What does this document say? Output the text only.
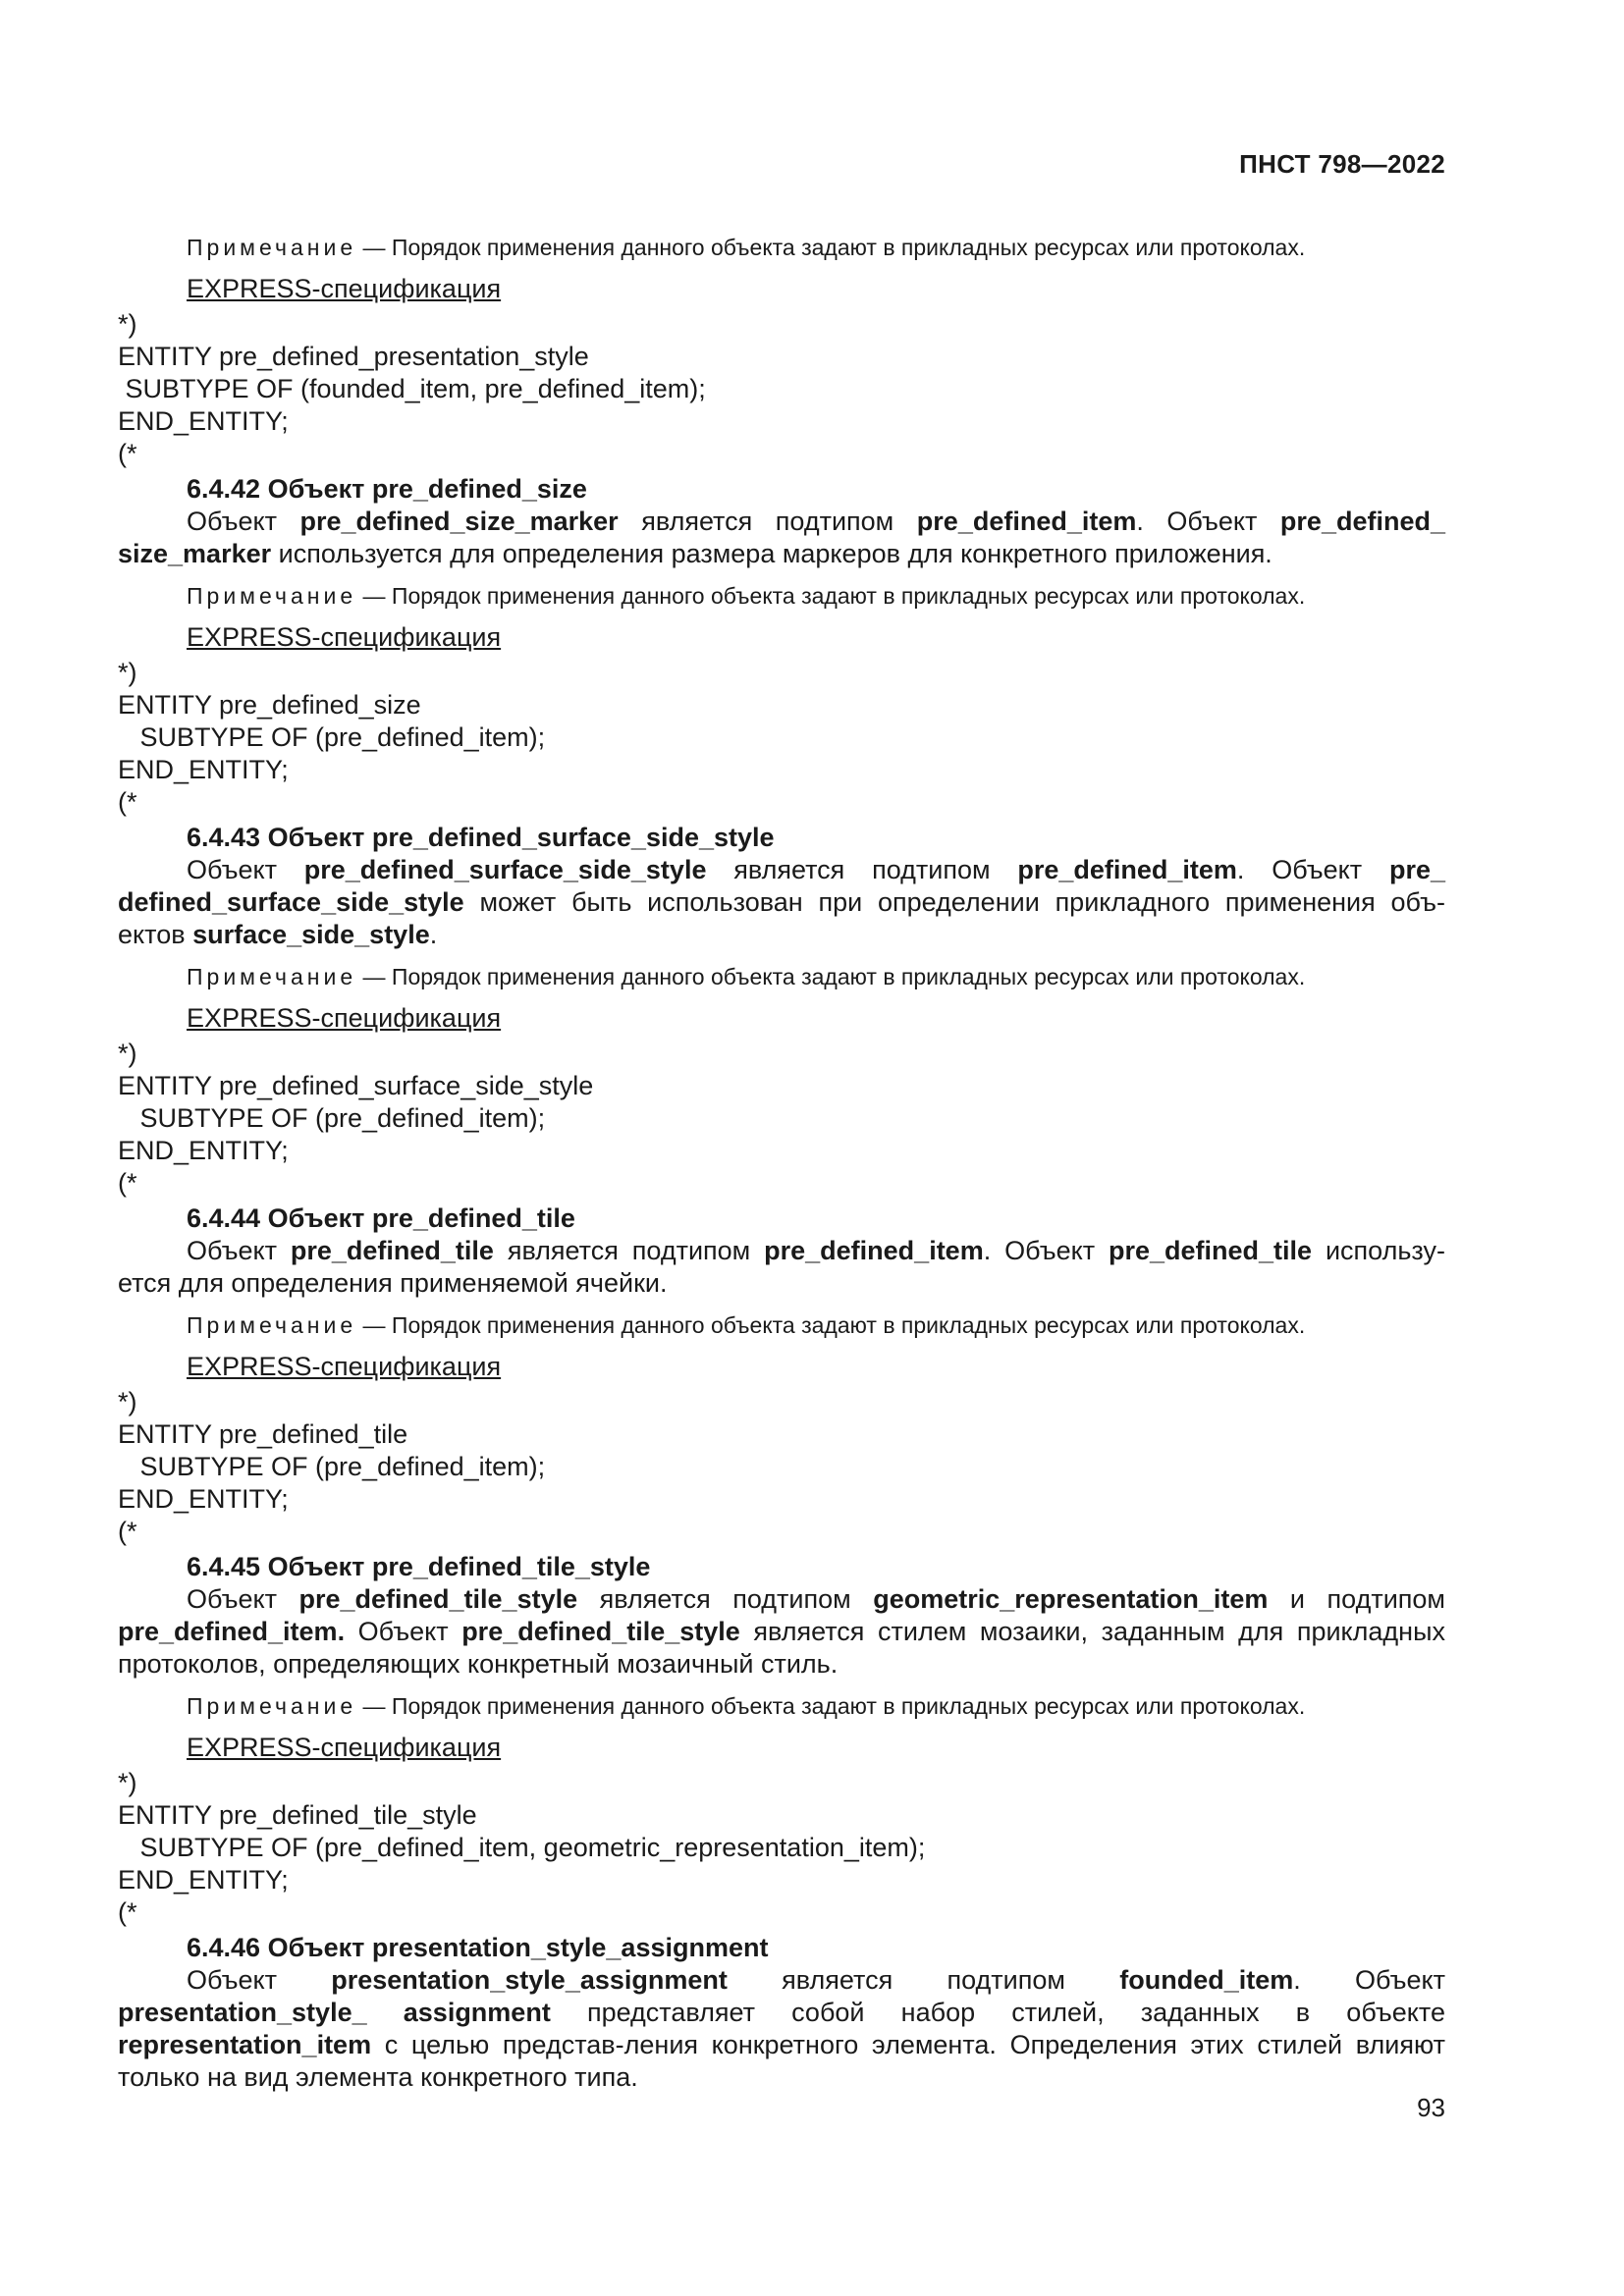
ПНСТ 798—2022
Примечание — Порядок применения данного объекта задают в прикладных ресурсах или протоколах.
EXPRESS-спецификация
*)
ENTITY pre_defined_presentation_style
SUBTYPE OF (founded_item, pre_defined_item);
END_ENTITY;
(*
6.4.42 Объект pre_defined_size
Объект pre_defined_size_marker является подтипом pre_defined_item. Объект pre_defined_ size_marker используется для определения размера маркеров для конкретного приложения.
Примечание — Порядок применения данного объекта задают в прикладных ресурсах или протоколах.
EXPRESS-спецификация
*)
ENTITY pre_defined_size
SUBTYPE OF (pre_defined_item);
END_ENTITY;
(*
6.4.43 Объект pre_defined_surface_side_style
Объект pre_defined_surface_side_style является подтипом pre_defined_item. Объект pre_ defined_surface_side_style может быть использован при определении прикладного применения объ-ектов surface_side_style.
Примечание — Порядок применения данного объекта задают в прикладных ресурсах или протоколах.
EXPRESS-спецификация
*)
ENTITY pre_defined_surface_side_style
SUBTYPE OF (pre_defined_item);
END_ENTITY;
(*
6.4.44 Объект pre_defined_tile
Объект pre_defined_tile является подтипом pre_defined_item. Объект pre_defined_tile использу-ется для определения применяемой ячейки.
Примечание — Порядок применения данного объекта задают в прикладных ресурсах или протоколах.
EXPRESS-спецификация
*)
ENTITY pre_defined_tile
SUBTYPE OF (pre_defined_item);
END_ENTITY;
(*
6.4.45 Объект pre_defined_tile_style
Объект pre_defined_tile_style является подтипом geometric_representation_item и подтипом pre_defined_item. Объект pre_defined_tile_style является стилем мозаики, заданным для прикладных протоколов, определяющих конкретный мозаичный стиль.
Примечание — Порядок применения данного объекта задают в прикладных ресурсах или протоколах.
EXPRESS-спецификация
*)
ENTITY pre_defined_tile_style
SUBTYPE OF (pre_defined_item, geometric_representation_item);
END_ENTITY;
(*
6.4.46 Объект presentation_style_assignment
Объект presentation_style_assignment является подтипом founded_item. Объект presentation_style_ assignment представляет собой набор стилей, заданных в объекте representation_item с целью представ-ления конкретного элемента. Определения этих стилей влияют только на вид элемента конкретного типа.
93
